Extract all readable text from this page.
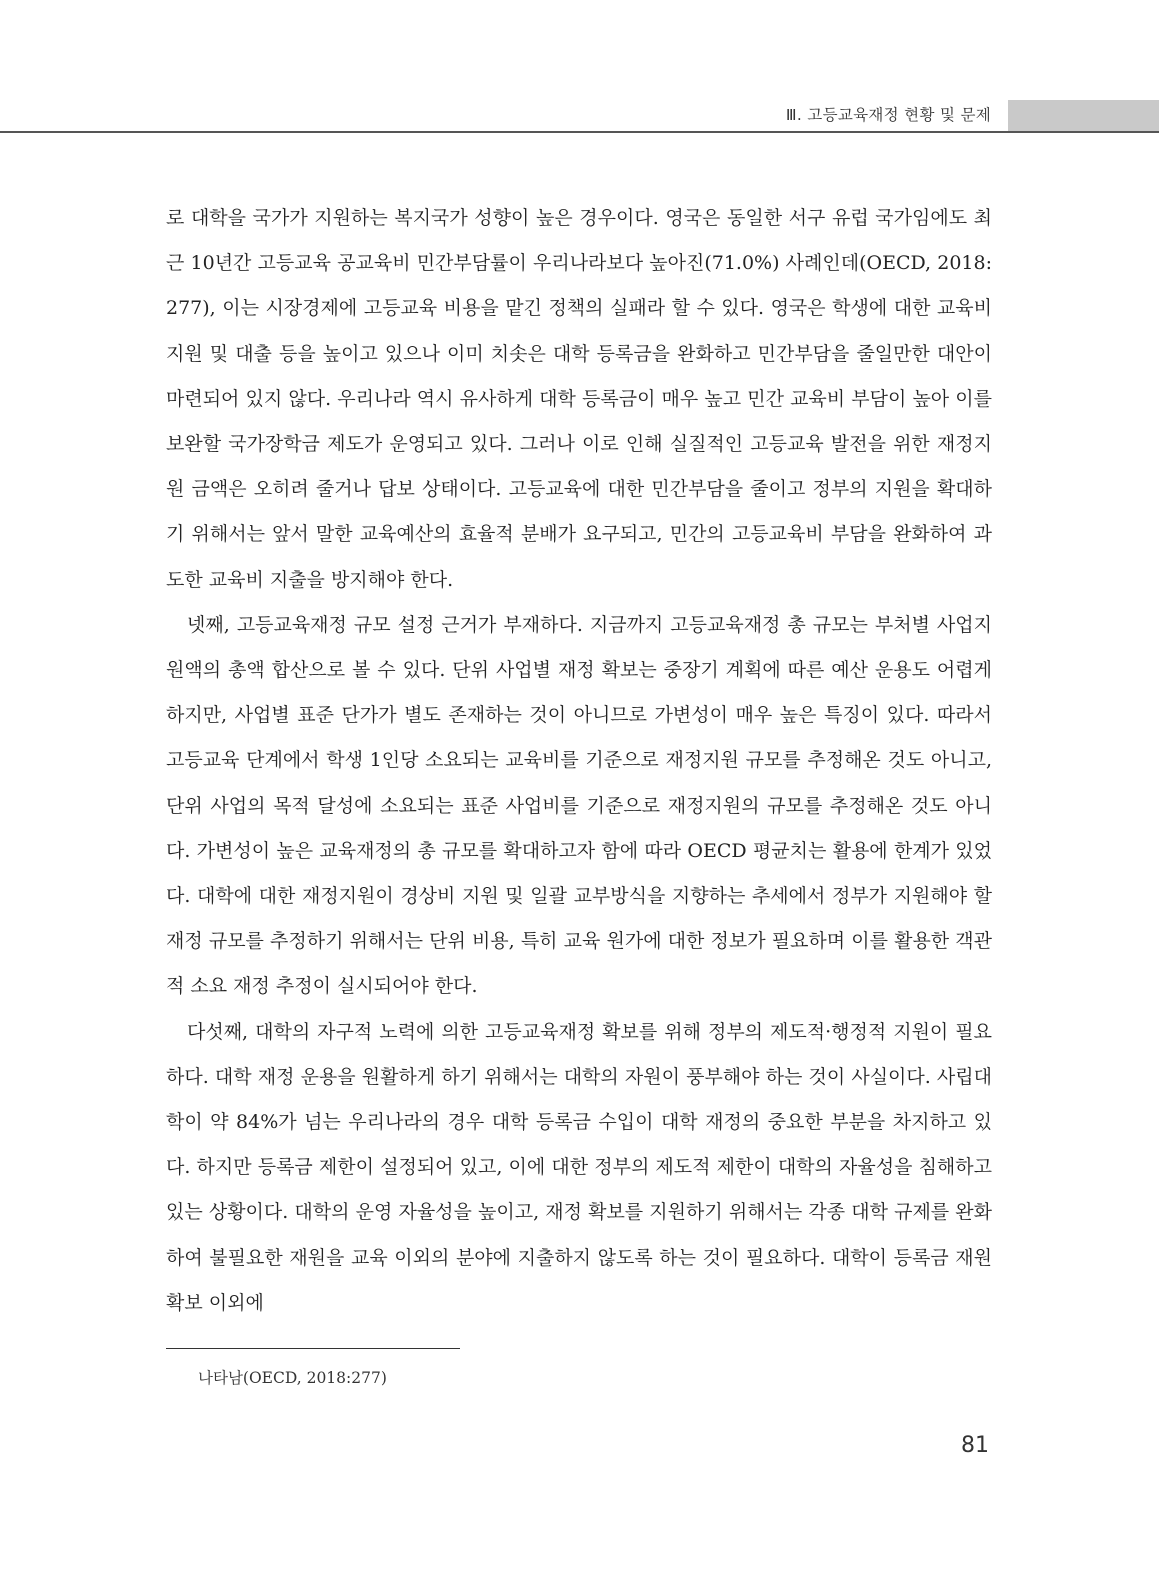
Ⅲ. 고등교육재정 현황 및 문제

로 대학을 국가가 지원하는 복지국가 성향이 높은 경우이다. 영국은 동일한 서구 유럽 국가임에도 최근 10년간 고등교육 공교육비 민간부담률이 우리나라보다 높아진(71.0%) 사례인데(OECD, 2018:277), 이는 시장경제에 고등교육 비용을 맡긴 정책의 실패라 할 수 있다. 영국은 학생에 대한 교육비 지원 및 대출 등을 높이고 있으나 이미 치솟은 대학 등록금을 완화하고 민간부담을 줄일만한 대안이 마련되어 있지 않다. 우리나라 역시 유사하게 대학 등록금이 매우 높고 민간 교육비 부담이 높아 이를 보완할 국가장학금 제도가 운영되고 있다. 그러나 이로 인해 실질적인 고등교육 발전을 위한 재정지원 금액은 오히려 줄거나 답보 상태이다. 고등교육에 대한 민간부담을 줄이고 정부의 지원을 확대하기 위해서는 앞서 말한 교육예산의 효율적 분배가 요구되고, 민간의 고등교육비 부담을 완화하여 과도한 교육비 지출을 방지해야 한다.

넷째, 고등교육재정 규모 설정 근거가 부재하다. 지금까지 고등교육재정 총 규모는 부처별 사업지원액의 총액 합산으로 볼 수 있다. 단위 사업별 재정 확보는 중장기 계획에 따른 예산 운용도 어렵게 하지만, 사업별 표준 단가가 별도 존재하는 것이 아니므로 가변성이 매우 높은 특징이 있다. 따라서 고등교육 단계에서 학생 1인당 소요되는 교육비를 기준으로 재정지원 규모를 추정해온 것도 아니고, 단위 사업의 목적 달성에 소요되는 표준 사업비를 기준으로 재정지원의 규모를 추정해온 것도 아니다. 가변성이 높은 교육재정의 총 규모를 확대하고자 함에 따라 OECD 평균치는 활용에 한계가 있었다. 대학에 대한 재정지원이 경상비 지원 및 일괄 교부방식을 지향하는 추세에서 정부가 지원해야 할 재정 규모를 추정하기 위해서는 단위 비용, 특히 교육 원가에 대한 정보가 필요하며 이를 활용한 객관적 소요 재정 추정이 실시되어야 한다.

다섯째, 대학의 자구적 노력에 의한 고등교육재정 확보를 위해 정부의 제도적·행정적 지원이 필요하다. 대학 재정 운용을 원활하게 하기 위해서는 대학의 자원이 풍부해야 하는 것이 사실이다. 사립대학이 약 84%가 넘는 우리나라의 경우 대학 등록금 수입이 대학 재정의 중요한 부분을 차지하고 있다. 하지만 등록금 제한이 설정되어 있고, 이에 대한 정부의 제도적 제한이 대학의 자율성을 침해하고 있는 상황이다. 대학의 운영 자율성을 높이고, 재정 확보를 지원하기 위해서는 각종 대학 규제를 완화하여 불필요한 재원을 교육 이외의 분야에 지출하지 않도록 하는 것이 필요하다. 대학이 등록금 재원 확보 이외에

나타남(OECD, 2018:277)
81
